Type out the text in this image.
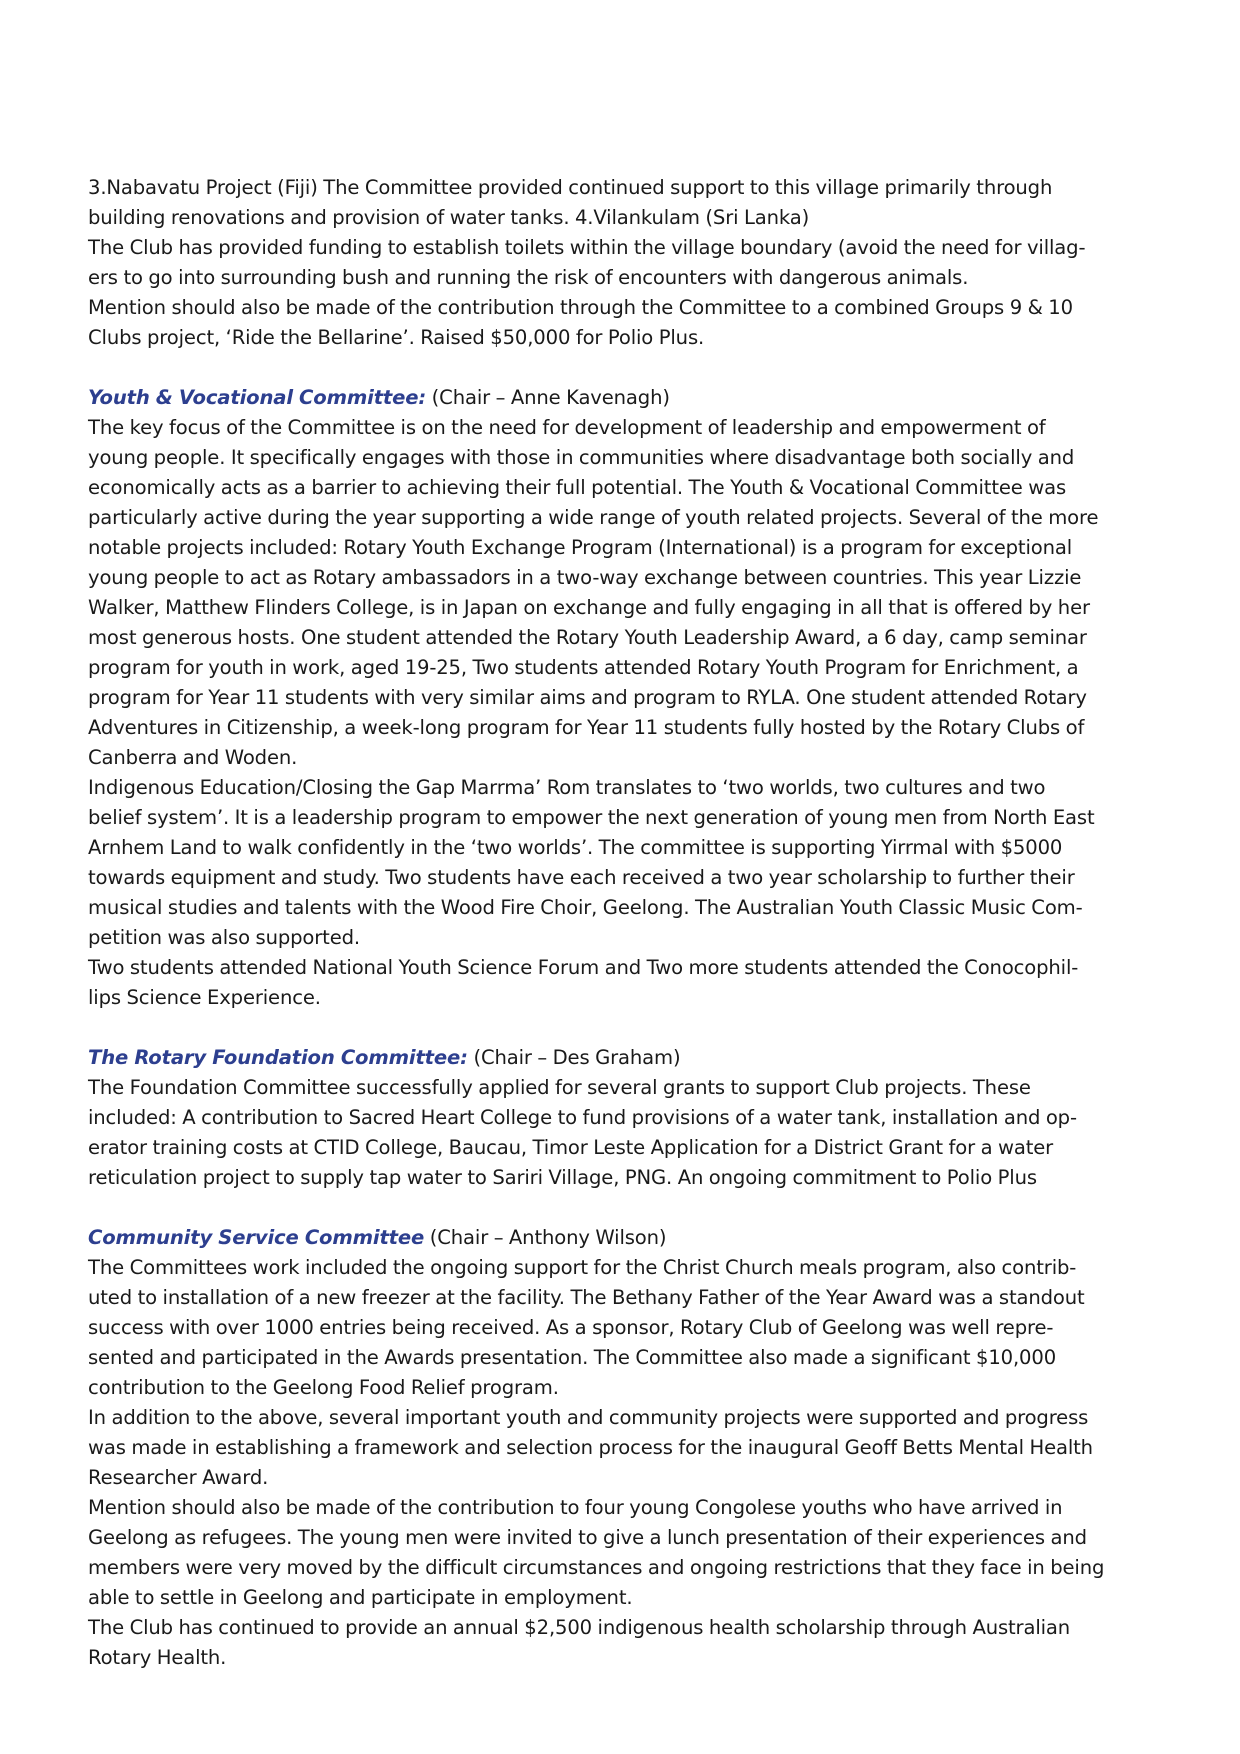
3.Nabavatu Project (Fiji) The Committee provided continued support to this village primarily through
building renovations and provision of water tanks. 4.Vilankulam (Sri Lanka)
The Club has provided funding to establish toilets within the village boundary (avoid the need for villag-
ers to go into surrounding bush and running the risk of encounters with dangerous animals.
Mention should also be made of the contribution through the Committee to a combined Groups 9 & 10
Clubs project, ‘Ride the Bellarine’. Raised $50,000 for Polio Plus.
Youth & Vocational Committee: (Chair – Anne Kavenagh)
The key focus of the Committee is on the need for development of leadership and empowerment of
young people. It specifically engages with those in communities where disadvantage both socially and
economically acts as a barrier to achieving their full potential. The Youth & Vocational Committee was
particularly active during the year supporting a wide range of youth related projects. Several of the more
notable projects included: Rotary Youth Exchange Program (International) is a program for exceptional
young people to act as Rotary ambassadors in a two-way exchange between countries. This year Lizzie
Walker, Matthew Flinders College, is in Japan on exchange and fully engaging in all that is offered by her
most generous hosts. One student attended the Rotary Youth Leadership Award, a 6 day, camp seminar
program for youth in work, aged 19-25, Two students attended Rotary Youth Program for Enrichment, a
program for Year 11 students with very similar aims and program to RYLA. One student attended Rotary
Adventures in Citizenship, a week-long program for Year 11 students fully hosted by the Rotary Clubs of
Canberra and Woden.
Indigenous Education/Closing the Gap Marrma’ Rom translates to ‘two worlds, two cultures and two
belief system’. It is a leadership program to empower the next generation of young men from North East
Arnhem Land to walk confidently in the ‘two worlds’. The committee is supporting Yirrmal with $5000
towards equipment and study. Two students have each received a two year scholarship to further their
musical studies and talents with the Wood Fire Choir, Geelong. The Australian Youth Classic Music Com-
petition was also supported.
Two students attended National Youth Science Forum and Two more students attended the Conocophil-
lips Science Experience.
The Rotary Foundation Committee: (Chair – Des Graham)
The Foundation Committee successfully applied for several grants to support Club projects. These
included: A contribution to Sacred Heart College to fund provisions of a water tank, installation and op-
erator training costs at CTID College, Baucau, Timor Leste Application for a District Grant for a water
reticulation project to supply tap water to Sariri Village, PNG. An ongoing commitment to Polio Plus
Community Service Committee (Chair – Anthony Wilson)
The Committees work included the ongoing support for the Christ Church meals program, also contrib-
uted to installation of a new freezer at the facility. The Bethany Father of the Year Award was a standout
success with over 1000 entries being received. As a sponsor, Rotary Club of Geelong was well repre-
sented and participated in the Awards presentation. The Committee also made a significant $10,000
contribution to the Geelong Food Relief program.
In addition to the above, several important youth and community projects were supported and progress
was made in establishing a framework and selection process for the inaugural Geoff Betts Mental Health
Researcher Award.
Mention should also be made of the contribution to four young Congolese youths who have arrived in
Geelong as refugees. The young men were invited to give a lunch presentation of their experiences and
members were very moved by the difficult circumstances and ongoing restrictions that they face in being
able to settle in Geelong and participate in employment.
The Club has continued to provide an annual $2,500 indigenous health scholarship through Australian
Rotary Health.
